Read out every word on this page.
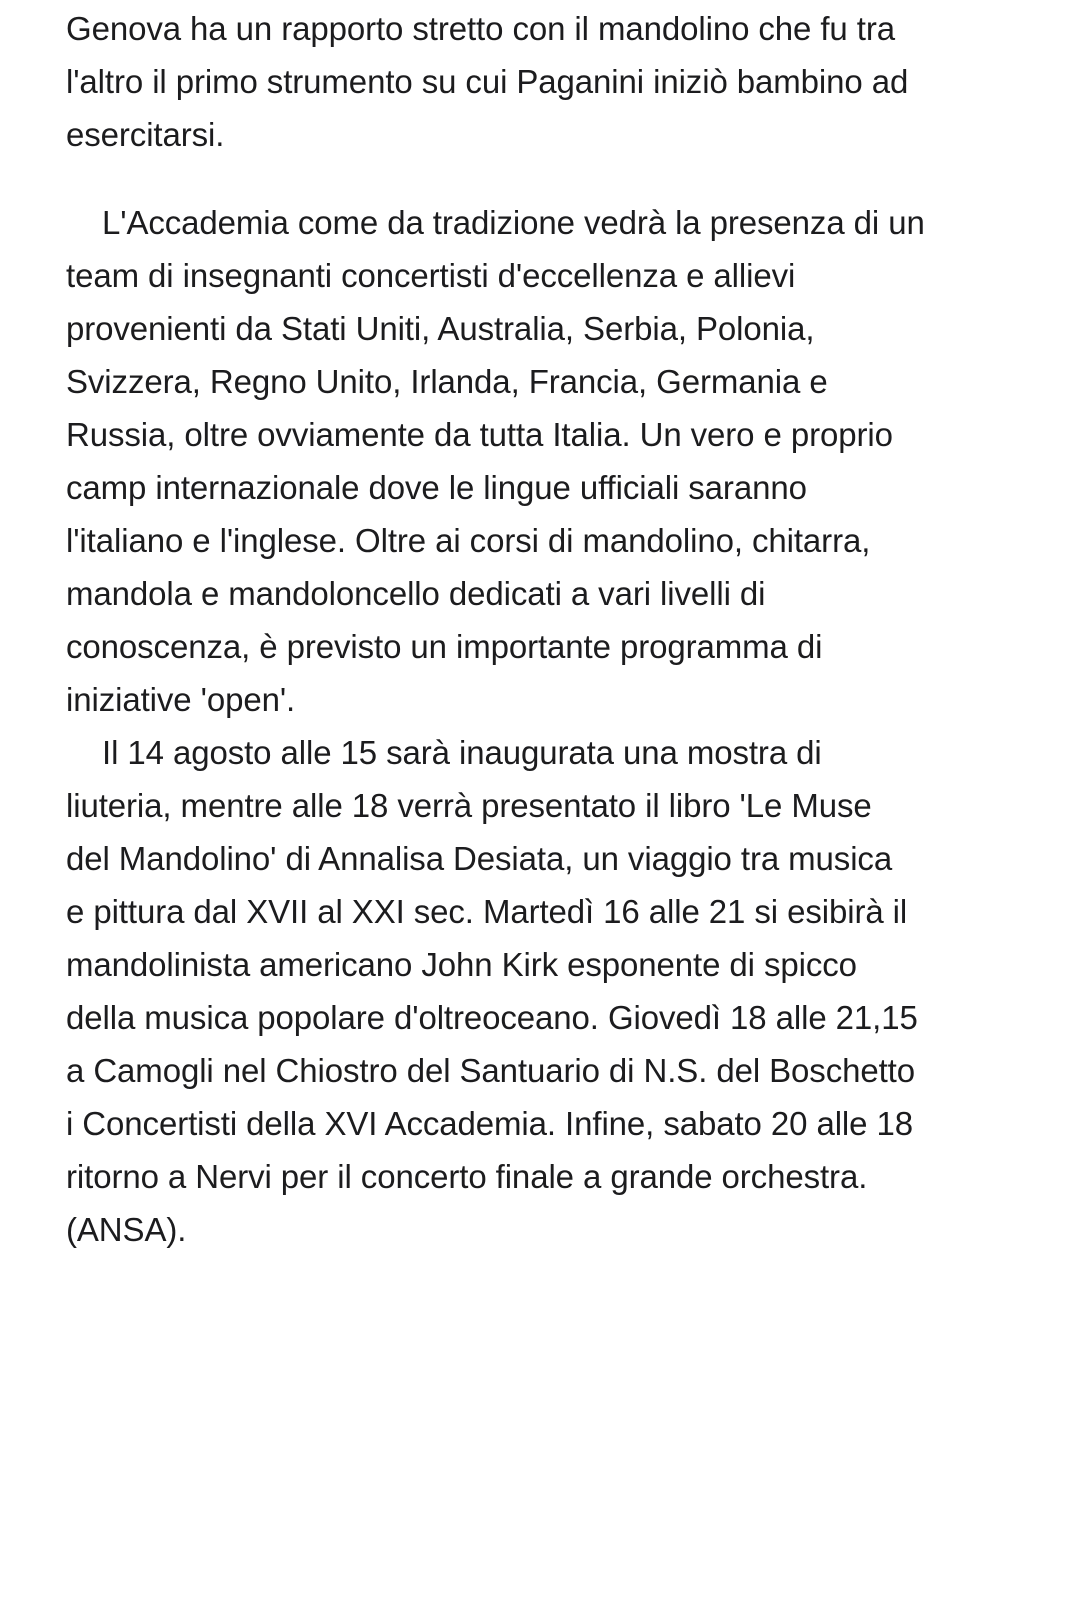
Genova ha un rapporto stretto con il mandolino che fu tra
l'altro il primo strumento su cui Paganini iniziò bambino ad
esercitarsi.

L'Accademia come da tradizione vedrà la presenza di un
team di insegnanti concertisti d'eccellenza e allievi
provenienti da Stati Uniti, Australia, Serbia, Polonia,
Svizzera, Regno Unito, Irlanda, Francia, Germania e
Russia, oltre ovviamente da tutta Italia. Un vero e proprio
camp internazionale dove le lingue ufficiali saranno
l'italiano e l'inglese. Oltre ai corsi di mandolino, chitarra,
mandola e mandoloncello dedicati a vari livelli di
conoscenza, è previsto un importante programma di
iniziative 'open'.

Il 14 agosto alle 15 sarà inaugurata una mostra di
liuteria, mentre alle 18 verrà presentato il libro 'Le Muse
del Mandolino' di Annalisa Desiata, un viaggio tra musica
e pittura dal XVII al XXI sec. Martedì 16 alle 21 si esibirà il
mandolinista americano John Kirk esponente di spicco
della musica popolare d'oltreoceano. Giovedì 18 alle 21,15
a Camogli nel Chiostro del Santuario di N.S. del Boschetto
i Concertisti della XVI Accademia. Infine, sabato 20 alle 18
ritorno a Nervi per il concerto finale a grande orchestra.
(ANSA).
